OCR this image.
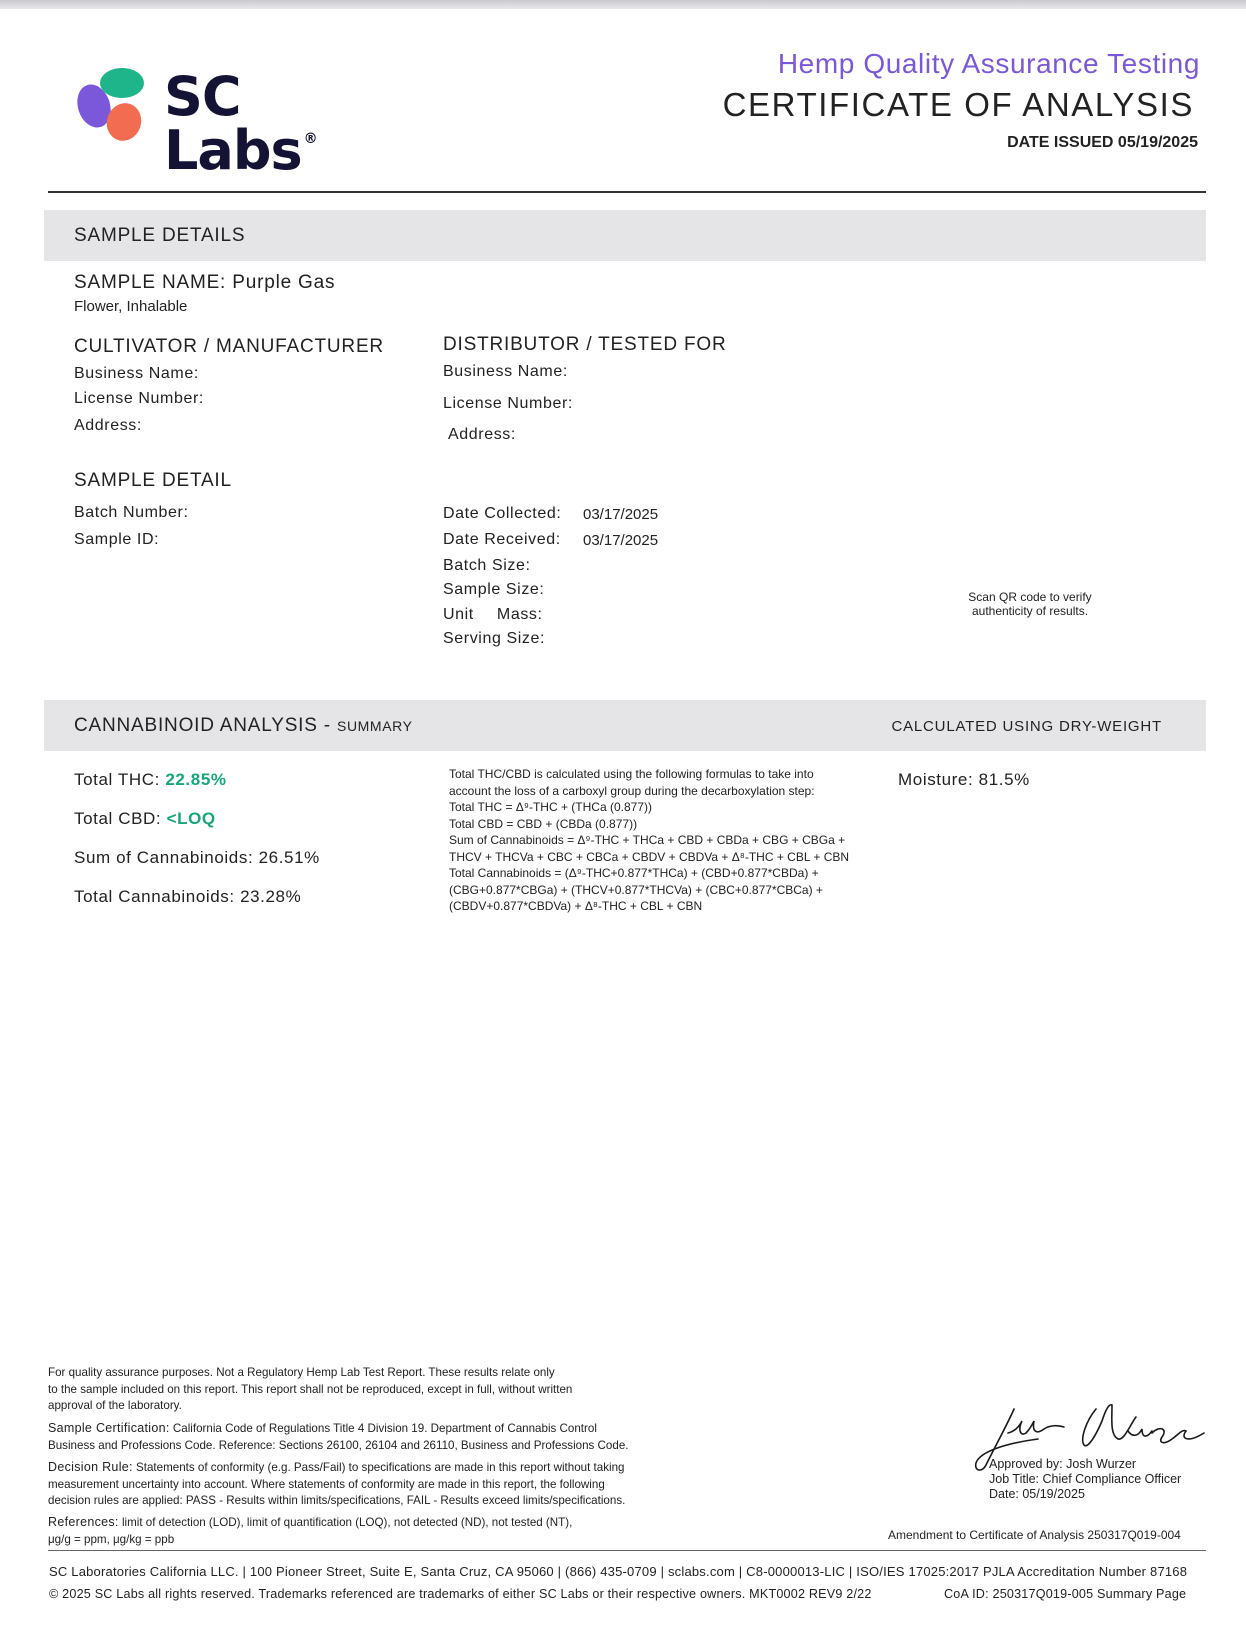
SC Labs ®
Hemp Quality Assurance Testing
CERTIFICATE OF ANALYSIS
DATE ISSUED 05/19/2025
SAMPLE DETAILS
SAMPLE NAME: Purple Gas
Flower, Inhalable
CULTIVATOR / MANUFACTURER
Business Name:
License Number:
Address:
DISTRIBUTOR / TESTED FOR
Business Name:
License Number:
Address:
SAMPLE DETAIL
Batch Number:
Sample ID:
Date Collected: 03/17/2025
Date Received: 03/17/2025
Batch Size:
Sample Size:
Unit Mass:
Serving Size:
Scan QR code to verify
authenticity of results.
CANNABINOID ANALYSIS - SUMMARY	CALCULATED USING DRY-WEIGHT
Total THC: 22.85%
Total CBD: <LOQ
Sum of Cannabinoids: 26.51%
Total Cannabinoids: 23.28%
Moisture: 81.5%
Total THC/CBD is calculated using the following formulas to take into
account the loss of a carboxyl group during the decarboxylation step:
Total THC = Δ⁹-THC + (THCa (0.877))
Total CBD = CBD + (CBDa (0.877))
Sum of Cannabinoids = Δ⁹-THC + THCa + CBD + CBDa + CBG + CBGa +
THCV + THCVa + CBC + CBCa + CBDV + CBDVa + Δ⁸-THC + CBL + CBN
Total Cannabinoids = (Δ⁹-THC+0.877*THCa) + (CBD+0.877*CBDa) +
(CBG+0.877*CBGa) + (THCV+0.877*THCVa) + (CBC+0.877*CBCa) +
(CBDV+0.877*CBDVa) + Δ⁸-THC + CBL + CBN
For quality assurance purposes. Not a Regulatory Hemp Lab Test Report. These results relate only
to the sample included on this report. This report shall not be reproduced, except in full, without written
approval of the laboratory.
Sample Certification: California Code of Regulations Title 4 Division 19. Department of Cannabis Control
Business and Professions Code. Reference: Sections 26100, 26104 and 26110, Business and Professions Code.
Decision Rule: Statements of conformity (e.g. Pass/Fail) to specifications are made in this report without taking
measurement uncertainty into account. Where statements of conformity are made in this report, the following
decision rules are applied: PASS - Results within limits/specifications, FAIL - Results exceed limits/specifications.
References: limit of detection (LOD), limit of quantification (LOQ), not detected (ND), not tested (NT),
μg/g = ppm, μg/kg = ppb
Approved by: Josh Wurzer
Job Title: Chief Compliance Officer
Date: 05/19/2025
Amendment to Certificate of Analysis 250317Q019-004
SC Laboratories California LLC. | 100 Pioneer Street, Suite E, Santa Cruz, CA 95060 | (866) 435-0709 | sclabs.com | C8-0000013-LIC | ISO/IES 17025:2017 PJLA Accreditation Number 87168
© 2025 SC Labs all rights reserved. Trademarks referenced are trademarks of either SC Labs or their respective owners. MKT0002 REV9 2/22	CoA ID: 250317Q019-005 Summary Page
